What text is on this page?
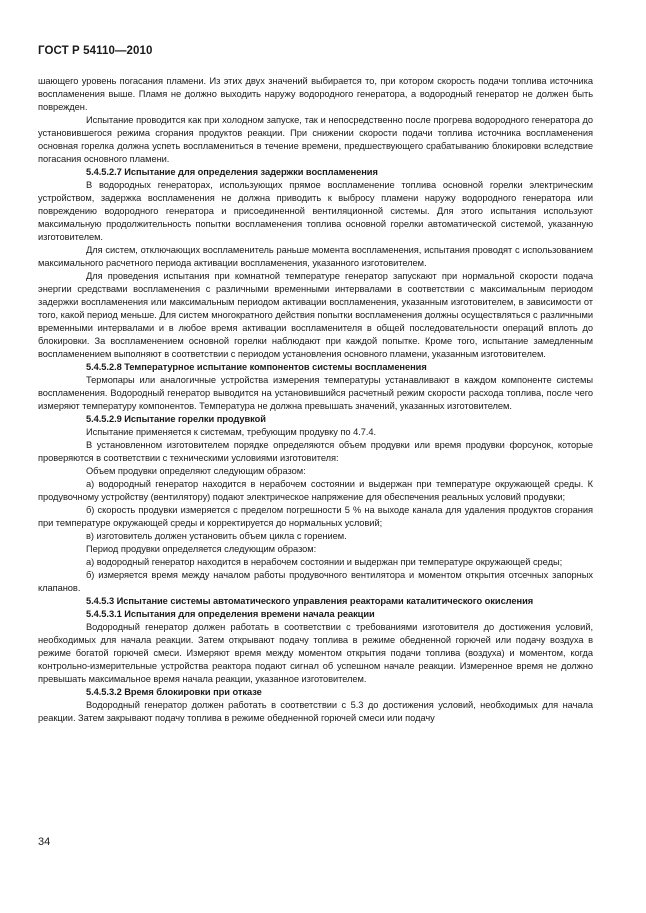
ГОСТ Р 54110—2010

шающего уровень погасания пламени. Из этих двух значений выбирается то, при котором скорость подачи топлива источника воспламенения выше. Пламя не должно выходить наружу водородного генератора, а водородный генератор не должен быть поврежден.

Испытание проводится как при холодном запуске, так и непосредственно после прогрева водородного генератора до установившегося режима сгорания продуктов реакции. При снижении скорости подачи топлива источника воспламенения основная горелка должна успеть воспламениться в течение времени, предшествующего срабатыванию блокировки вследствие погасания основного пламени.

5.4.5.2.7 Испытание для определения задержки воспламенения

В водородных генераторах, использующих прямое воспламенение топлива основной горелки электрическим устройством, задержка воспламенения не должна приводить к выбросу пламени наружу водородного генератора или повреждению водородного генератора и присоединенной вентиляционной системы. Для этого испытания используют максимальную продолжительность попытки воспламенения топлива основной горелки автоматической системой, указанную изготовителем.

Для систем, отключающих воспламенитель раньше момента воспламенения, испытания проводят с использованием максимального расчетного периода активации воспламенения, указанного изготовителем.

Для проведения испытания при комнатной температуре генератор запускают при нормальной скорости подача энергии средствами воспламенения с различными временными интервалами в соответствии с максимальным периодом задержки воспламенения или максимальным периодом активации воспламенения, указанным изготовителем, в зависимости от того, какой период меньше. Для систем многократного действия попытки воспламенения должны осуществляться с различными временными интервалами и в любое время активации воспламенителя в общей последовательности операций вплоть до блокировки. За воспламенением основной горелки наблюдают при каждой попытке. Кроме того, испытание замедленным воспламенением выполняют в соответствии с периодом установления основного пламени, указанным изготовителем.

5.4.5.2.8 Температурное испытание компонентов системы воспламенения

Термопары или аналогичные устройства измерения температуры устанавливают в каждом компоненте системы воспламенения. Водородный генератор выводится на установившийся расчетный режим скорости расхода топлива, после чего измеряют температуру компонентов. Температура не должна превышать значений, указанных изготовителем.

5.4.5.2.9 Испытание горелки продувкой

Испытание применяется к системам, требующим продувку по 4.7.4.

В установленном изготовителем порядке определяются объем продувки или время продувки форсунок, которые проверяются в соответствии с техническими условиями изготовителя:

Объем продувки определяют следующим образом:

а) водородный генератор находится в нерабочем состоянии и выдержан при температуре окружающей среды. К продувочному устройству (вентилятору) подают электрическое напряжение для обеспечения реальных условий продувки;

б) скорость продувки измеряется с пределом погрешности 5 % на выходе канала для удаления продуктов сгорания при температуре окружающей среды и корректируется до нормальных условий;

в) изготовитель должен установить объем цикла с горением.

Период продувки определяется следующим образом:

а) водородный генератор находится в нерабочем состоянии и выдержан при температуре окружающей среды;

б) измеряется время между началом работы продувочного вентилятора и моментом открытия отсечных запорных клапанов.

5.4.5.3 Испытание системы автоматического управления реакторами каталитического окисления

5.4.5.3.1 Испытания для определения времени начала реакции

Водородный генератор должен работать в соответствии с требованиями изготовителя до достижения условий, необходимых для начала реакции. Затем открывают подачу топлива в режиме обедненной горючей или подачу воздуха в режиме богатой горючей смеси. Измеряют время между моментом открытия подачи топлива (воздуха) и моментом, когда контрольно-измерительные устройства реактора подают сигнал об успешном начале реакции. Измеренное время не должно превышать максимальное время начала реакции, указанное изготовителем.

5.4.5.3.2 Время блокировки при отказе

Водородный генератор должен работать в соответствии с 5.3 до достижения условий, необходимых для начала реакции. Затем закрывают подачу топлива в режиме обедненной горючей смеси или подачу

34
